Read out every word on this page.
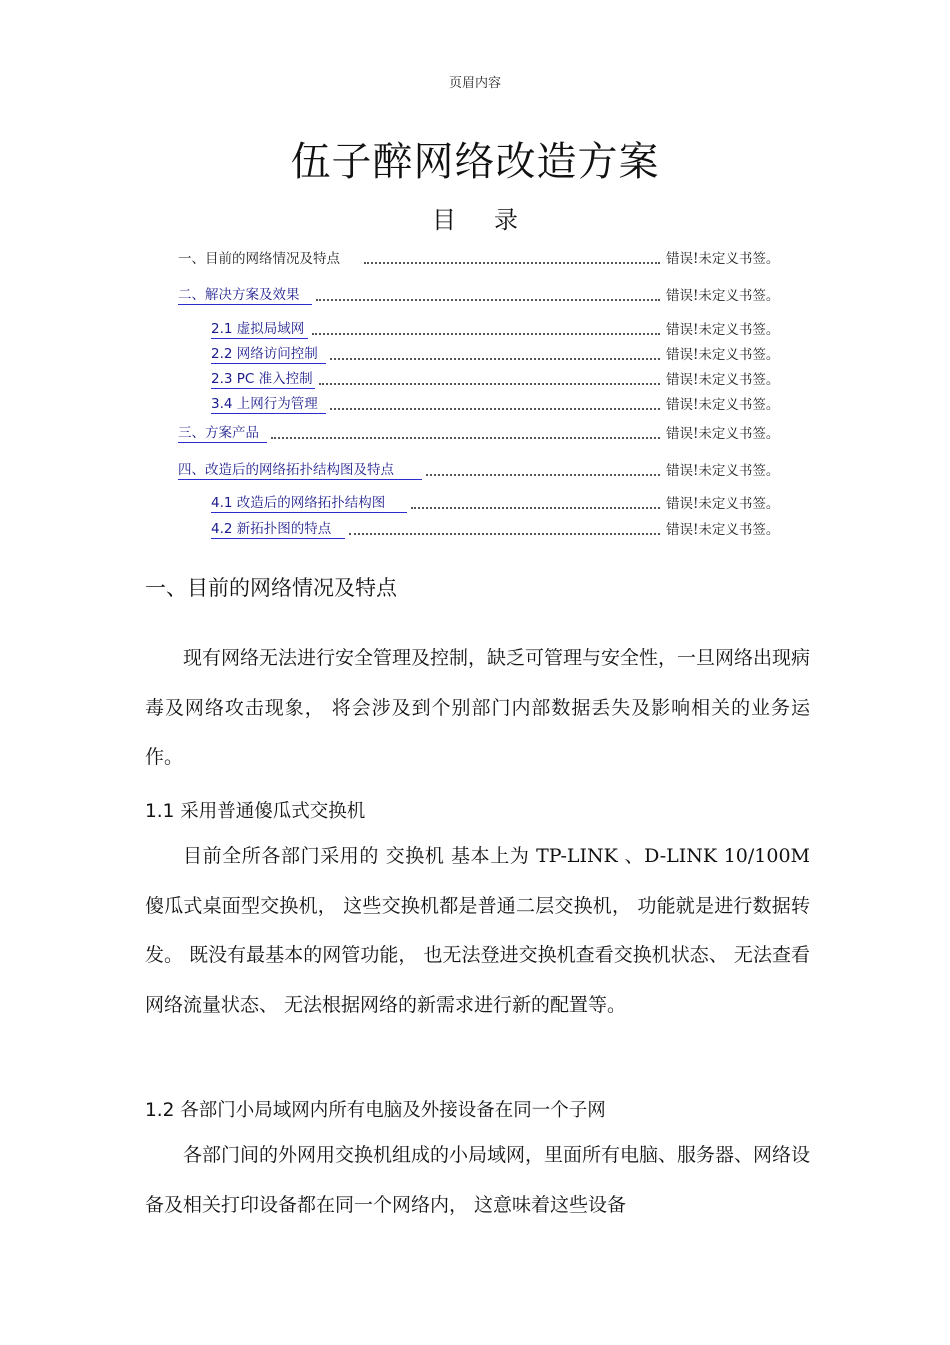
页眉内容
伍子醉网络改造方案
目 录
一、目前的网络情况及特点	错误!未定义书签。
二、解决方案及效果	错误!未定义书签。
2.1 虚拟局域网	错误!未定义书签。
2.2 网络访问控制	错误!未定义书签。
2.3 PC 准入控制	错误!未定义书签。
3.4 上网行为管理	错误!未定义书签。
三、方案产品	错误!未定义书签。
四、改造后的网络拓扑结构图及特点	错误!未定义书签。
4.1 改造后的网络拓扑结构图	错误!未定义书签。
4.2 新拓扑图的特点	错误!未定义书签。
一、目前的网络情况及特点

现有网络无法进行安全管理及控制，缺乏可管理与安全性，一旦网络出现病毒及网络攻击现象， 将会涉及到个别部门内部数据丢失及影响相关的业务运作。

1.1 采用普通傻瓜式交换机

目前全所各部门采用的 交换机 基本上为 TP-LINK 、D-LINK 10/100M 傻瓜式桌面型交换机， 这些交换机都是普通二层交换机， 功能就是进行数据转发。 既没有最基本的网管功能， 也无法登进交换机查看交换机状态、 无法查看网络流量状态、 无法根据网络的新需求进行新的配置等。

1.2 各部门小局域网内所有电脑及外接设备在同一个子网

各部门间的外网用交换机组成的小局域网，里面所有电脑、服务器、网络设备及相关打印设备都在同一个网络内， 这意味着这些设备
